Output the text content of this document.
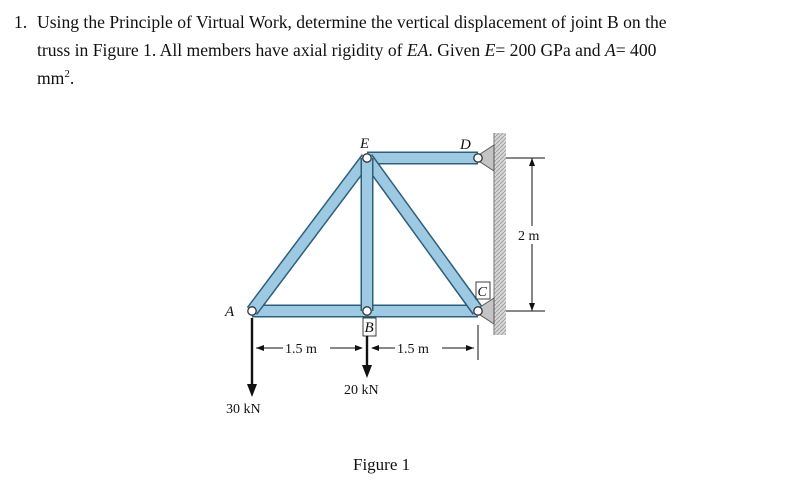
1. Using the Principle of Virtual Work, determine the vertical displacement of joint B on the
truss in Figure 1. All members have axial rigidity of EA. Given E= 200 GPa and A= 400
$mm^2$.
A
E	D
B
C
2 m
1.5 m	1.5 m
30 kN
20 kN
Figure 1
